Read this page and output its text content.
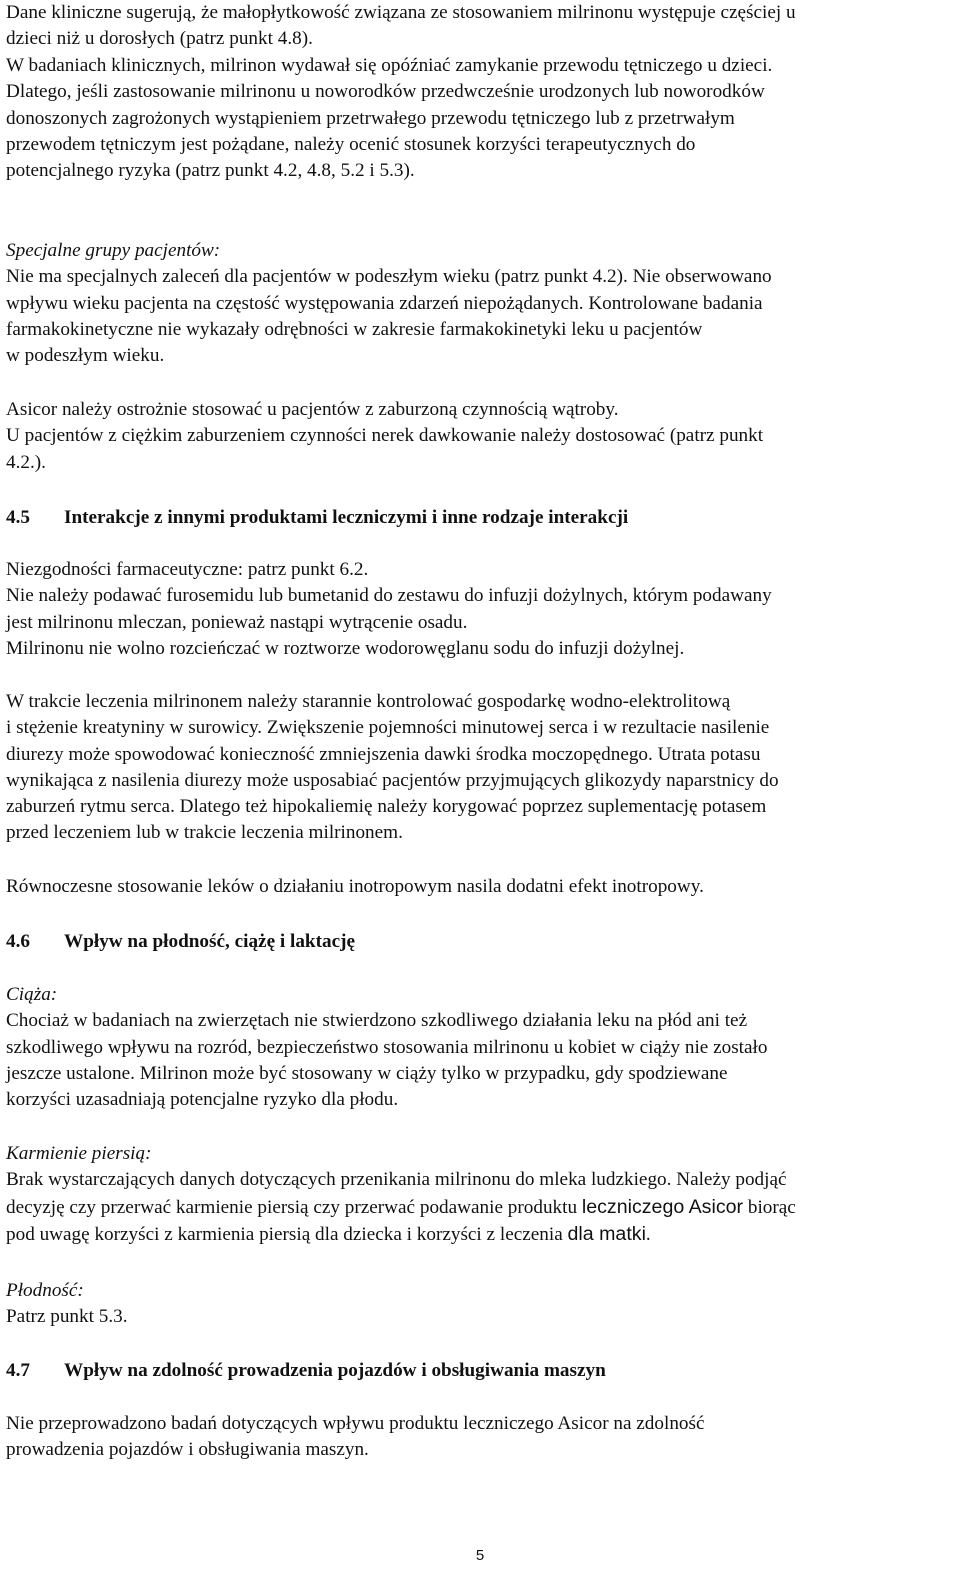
Dane kliniczne sugerują, że małopłytkowość związana ze stosowaniem milrinonu występuje częściej u
dzieci niż u dorosłych (patrz punkt 4.8).
W badaniach klinicznych, milrinon wydawał się opóźniać zamykanie przewodu tętniczego u dzieci.
Dlatego, jeśli zastosowanie milrinonu u noworodków przedwcześnie urodzonych lub noworodków
donoszonych zagrożonych wystąpieniem przetrwałego przewodu tętniczego lub z przetrwałym
przewodem tętniczym jest pożądane, należy ocenić stosunek korzyści terapeutycznych do
potencjalnego ryzyka (patrz punkt 4.2, 4.8, 5.2 i 5.3).
Specjalne grupy pacjentów:
Nie ma specjalnych zaleceń dla pacjentów w podeszłym wieku (patrz punkt 4.2). Nie obserwowano
wpływu wieku pacjenta na częstość występowania zdarzeń niepożądanych. Kontrolowane badania
farmakokinetyczne nie wykazały odrębności w zakresie farmakokinetyki leku u pacjentów
w podeszłym wieku.
Asicor należy ostrożnie stosować u pacjentów z zaburzoną czynnością wątroby.
U pacjentów z ciężkim zaburzeniem czynności nerek dawkowanie należy dostosować (patrz punkt
4.2.).
4.5 Interakcje z innymi produktami leczniczymi i inne rodzaje interakcji
Niezgodności farmaceutyczne: patrz punkt 6.2.
Nie należy podawać furosemidu lub bumetanid do zestawu do infuzji dożylnych, którym podawany
jest milrinonu mleczan, ponieważ nastąpi wytrącenie osadu.
Milrinonu nie wolno rozcieńczać w roztworze wodorowęglanu sodu do infuzji dożylnej.
W trakcie leczenia milrinonem należy starannie kontrolować gospodarkę wodno-elektrolitową
i stężenie kreatyniny w surowicy. Zwiększenie pojemności minutowej serca i w rezultacie nasilenie
diurezy może spowodować konieczność zmniejszenia dawki środka moczopędnego. Utrata potasu
wynikająca z nasilenia diurezy może usposabiać pacjentów przyjmujących glikozydy naparstnicy do
zaburzeń rytmu serca. Dlatego też hipokaliemię należy korygować poprzez suplementację potasem
przed leczeniem lub w trakcie leczenia milrinonem.
Równoczesne stosowanie leków o działaniu inotropowym nasila dodatni efekt inotropowy.
4.6 Wpływ na płodność, ciążę i laktację
Ciąża:
Chociaż w badaniach na zwierzętach nie stwierdzono szkodliwego działania leku na płód ani też
szkodliwego wpływu na rozród, bezpieczeństwo stosowania milrinonu u kobiet w ciąży nie zostało
jeszcze ustalone. Milrinon może być stosowany w ciąży tylko w przypadku, gdy spodziewane
korzyści uzasadniają potencjalne ryzyko dla płodu.
Karmienie piersią:
Brak wystarczających danych dotyczących przenikania milrinonu do mleka ludzkiego. Należy podjąć
decyzję czy przerwać karmienie piersią czy przerwać podawanie produktu leczniczego Asicor biorąc
pod uwagę korzyści z karmienia piersią dla dziecka i korzyści z leczenia dla matki.
Płodność:
Patrz punkt 5.3.
4.7 Wpływ na zdolność prowadzenia pojazdów i obsługiwania maszyn
Nie przeprowadzono badań dotyczących wpływu produktu leczniczego Asicor na zdolność
prowadzenia pojazdów i obsługiwania maszyn.
5
